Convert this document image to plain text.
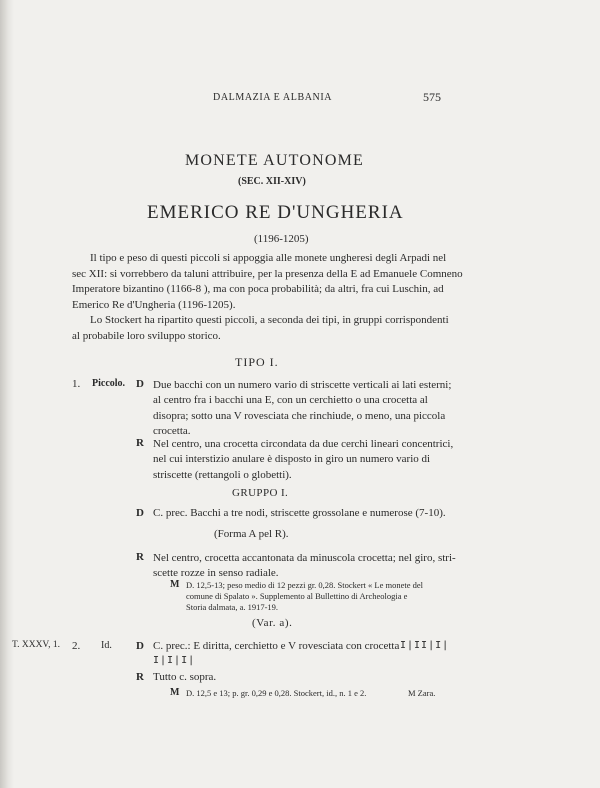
DALMAZIA E ALBANIA	575
MONETE AUTONOME
(SEC. XII-XIV)
EMERICO RE D'UNGHERIA
(1196-1205)
Il tipo e peso di questi piccoli si appoggia alle monete ungheresi degli Arpadi nel
sec XII: si vorrebbero da taluni attribuire, per la presenza della E ad Emanuele Comneno
Imperatore bizantino (1166-8 ), ma con poca probabilità; da altri, fra cui Luschin, ad
Emerico Re d'Ungheria (1196-1205).
Lo Stockert ha ripartito questi piccoli, a seconda dei tipi, in gruppi corrispondenti
al probabile loro sviluppo storico.
TIPO I.
1. Piccolo. D Due bacchi con un numero vario di striscette verticali ai lati esterni;
al centro fra i bacchi una E, con un cerchietto o una crocetta al
disopra; sotto una V rovesciata che rinchiude, o meno, una piccola
crocetta.
R Nel centro, una crocetta circondata da due cerchi lineari concentrici,
nel cui interstizio anulare è disposto in giro un numero vario di
striscette (rettangoli o globetti).
GRUPPO I.
D C. prec. Bacchi a tre nodi, striscette grossolane e numerose (7-10).
(Forma A pel R).
R Nel centro, crocetta accantonata da minuscola crocetta; nel giro, stri-
scette rozze in senso radiale.
M D. 12,5-13; peso medio di 12 pezzi gr. 0,28. Stockert « Le monete del
comune di Spalato ». Supplemento al Bullettino di Archeologia e
Storia dalmata, a. 1917-19.
(Var. a).
T. XXXV, 1. 2. Id. D C. prec.: E diritta, cerchietto e V rovesciata con crocetta I|II|I|
I|I|I|
R Tutto c. sopra.
M D. 12,5 e 13; p. gr. 0,29 e 0,28. Stockert, id., n. 1 e 2.	M Zara.
